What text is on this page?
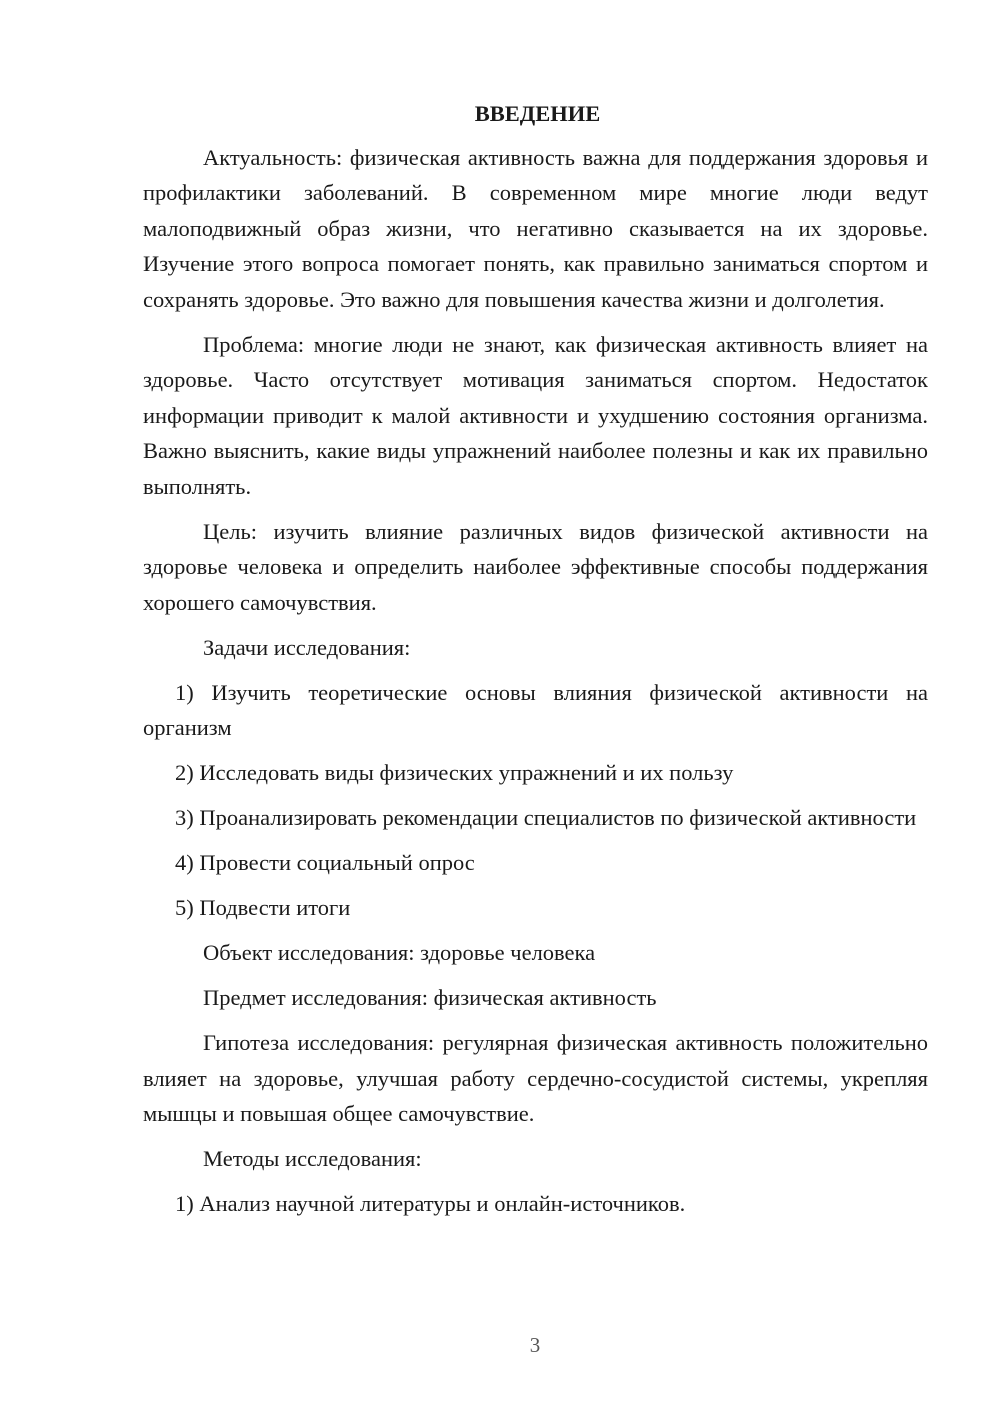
ВВЕДЕНИЕ

Актуальность: физическая активность важна для поддержания здоровья и профилактики заболеваний. В современном мире многие люди ведут малоподвижный образ жизни, что негативно сказывается на их здоровье. Изучение этого вопроса помогает понять, как правильно заниматься спортом и сохранять здоровье. Это важно для повышения качества жизни и долголетия.

Проблема: многие люди не знают, как физическая активность влияет на здоровье. Часто отсутствует мотивация заниматься спортом. Недостаток информации приводит к малой активности и ухудшению состояния организма. Важно выяснить, какие виды упражнений наиболее полезны и как их правильно выполнять.

Цель: изучить влияние различных видов физической активности на здоровье человека и определить наиболее эффективные способы поддержания хорошего самочувствия.

Задачи исследования:

1) Изучить теоретические основы влияния физической активности на организм

2) Исследовать виды физических упражнений и их пользу

3) Проанализировать рекомендации специалистов по физической активности

4) Провести социальный опрос

5) Подвести итоги

Объект исследования: здоровье человека

Предмет исследования: физическая активность

Гипотеза исследования: регулярная физическая активность положительно влияет на здоровье, улучшая работу сердечно-сосудистой системы, укрепляя мышцы и повышая общее самочувствие.

Методы исследования:

1) Анализ научной литературы и онлайн-источников.

3
